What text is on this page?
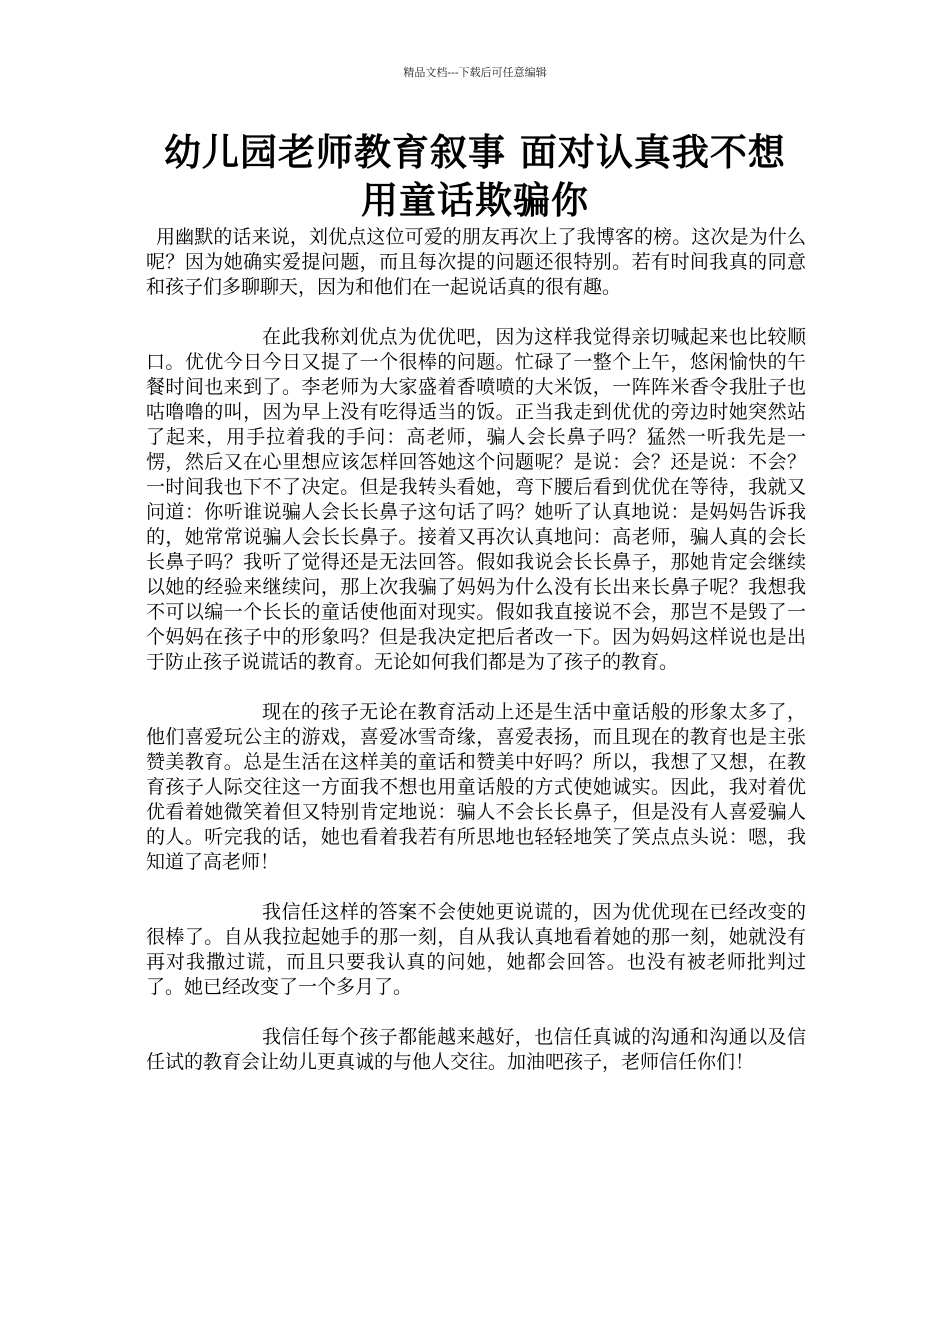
精品文档---下载后可任意编辑
幼儿园老师教育叙事 面对认真我不想
用童话欺骗你

用幽默的话来说，刘优点这位可爱的朋友再次上了我博客的榜。这次是为什么呢？因为她确实爱提问题，而且每次提的问题还很特别。若有时间我真的同意和孩子们多聊聊天，因为和他们在一起说话真的很有趣。

在此我称刘优点为优优吧，因为这样我觉得亲切喊起来也比较顺口。优优今日今日又提了一个很棒的问题。忙碌了一整个上午，悠闲愉快的午餐时间也来到了。李老师为大家盛着香喷喷的大米饭，一阵阵米香令我肚子也咕噜噜的叫，因为早上没有吃得适当的饭。正当我走到优优的旁边时她突然站了起来，用手拉着我的手问：高老师，骗人会长鼻子吗？猛然一听我先是一愣，然后又在心里想应该怎样回答她这个问题呢？是说：会？还是说：不会？一时间我也下不了决定。但是我转头看她，弯下腰后看到优优在等待，我就又问道：你听谁说骗人会长长鼻子这句话了吗？她听了认真地说：是妈妈告诉我的，她常常说骗人会长长鼻子。接着又再次认真地问：高老师，骗人真的会长长鼻子吗？我听了觉得还是无法回答。假如我说会长长鼻子，那她肯定会继续以她的经验来继续问，那上次我骗了妈妈为什么没有长出来长鼻子呢？我想我不可以编一个长长的童话使他面对现实。假如我直接说不会，那岂不是毁了一个妈妈在孩子中的形象吗？但是我决定把后者改一下。因为妈妈这样说也是出于防止孩子说谎话的教育。无论如何我们都是为了孩子的教育。

现在的孩子无论在教育活动上还是生活中童话般的形象太多了，他们喜爱玩公主的游戏，喜爱冰雪奇缘，喜爱表扬，而且现在的教育也是主张赞美教育。总是生活在这样美的童话和赞美中好吗？所以，我想了又想，在教育孩子人际交往这一方面我不想也用童话般的方式使她诚实。因此，我对着优优看着她微笑着但又特别肯定地说：骗人不会长长鼻子，但是没有人喜爱骗人的人。听完我的话，她也看着我若有所思地也轻轻地笑了笑点点头说：嗯，我知道了高老师！

我信任这样的答案不会使她更说谎的，因为优优现在已经改变的很棒了。自从我拉起她手的那一刻，自从我认真地看着她的那一刻，她就没有再对我撒过谎，而且只要我认真的问她，她都会回答。也没有被老师批判过了。她已经改变了一个多月了。

我信任每个孩子都能越来越好，也信任真诚的沟通和沟通以及信任试的教育会让幼儿更真诚的与他人交往。加油吧孩子，老师信任你们！
